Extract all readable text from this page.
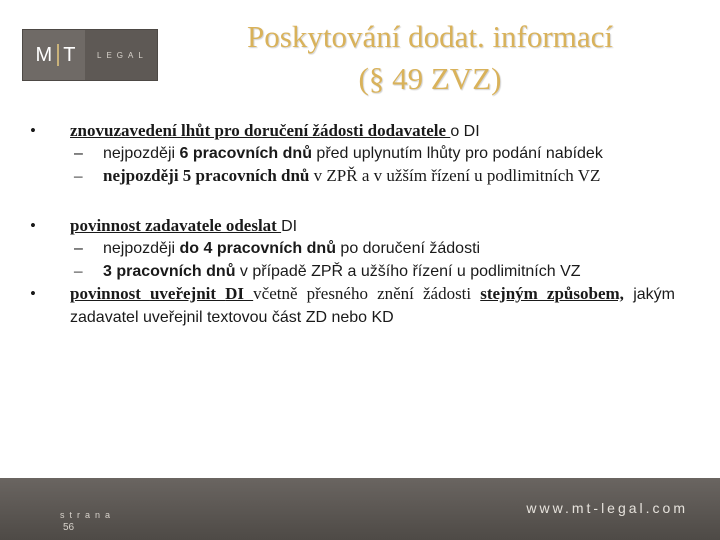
M T	LEGAL
Poskytování dodat. informací
(§ 49 ZVZ)
• znovuzavedení lhůt pro doručení žádosti dodavatele o DI
– nejpozději 6 pracovních dnů před uplynutím lhůty pro podání nabídek
– nejpozději 5 pracovních dnů v ZPŘ a v užším řízení u podlimitních VZ
• povinnost zadavatele odeslat DI
– nejpozději do 4 pracovních dnů po doručení žádosti
– 3 pracovních dnů v případě ZPŘ a užšího řízení u podlimitních VZ
• povinnost uveřejnit DI včetně přesného znění žádosti stejným způsobem, jakým zadavatel uveřejnil textovou část ZD nebo KD
strana
56
www.mt-legal.com
